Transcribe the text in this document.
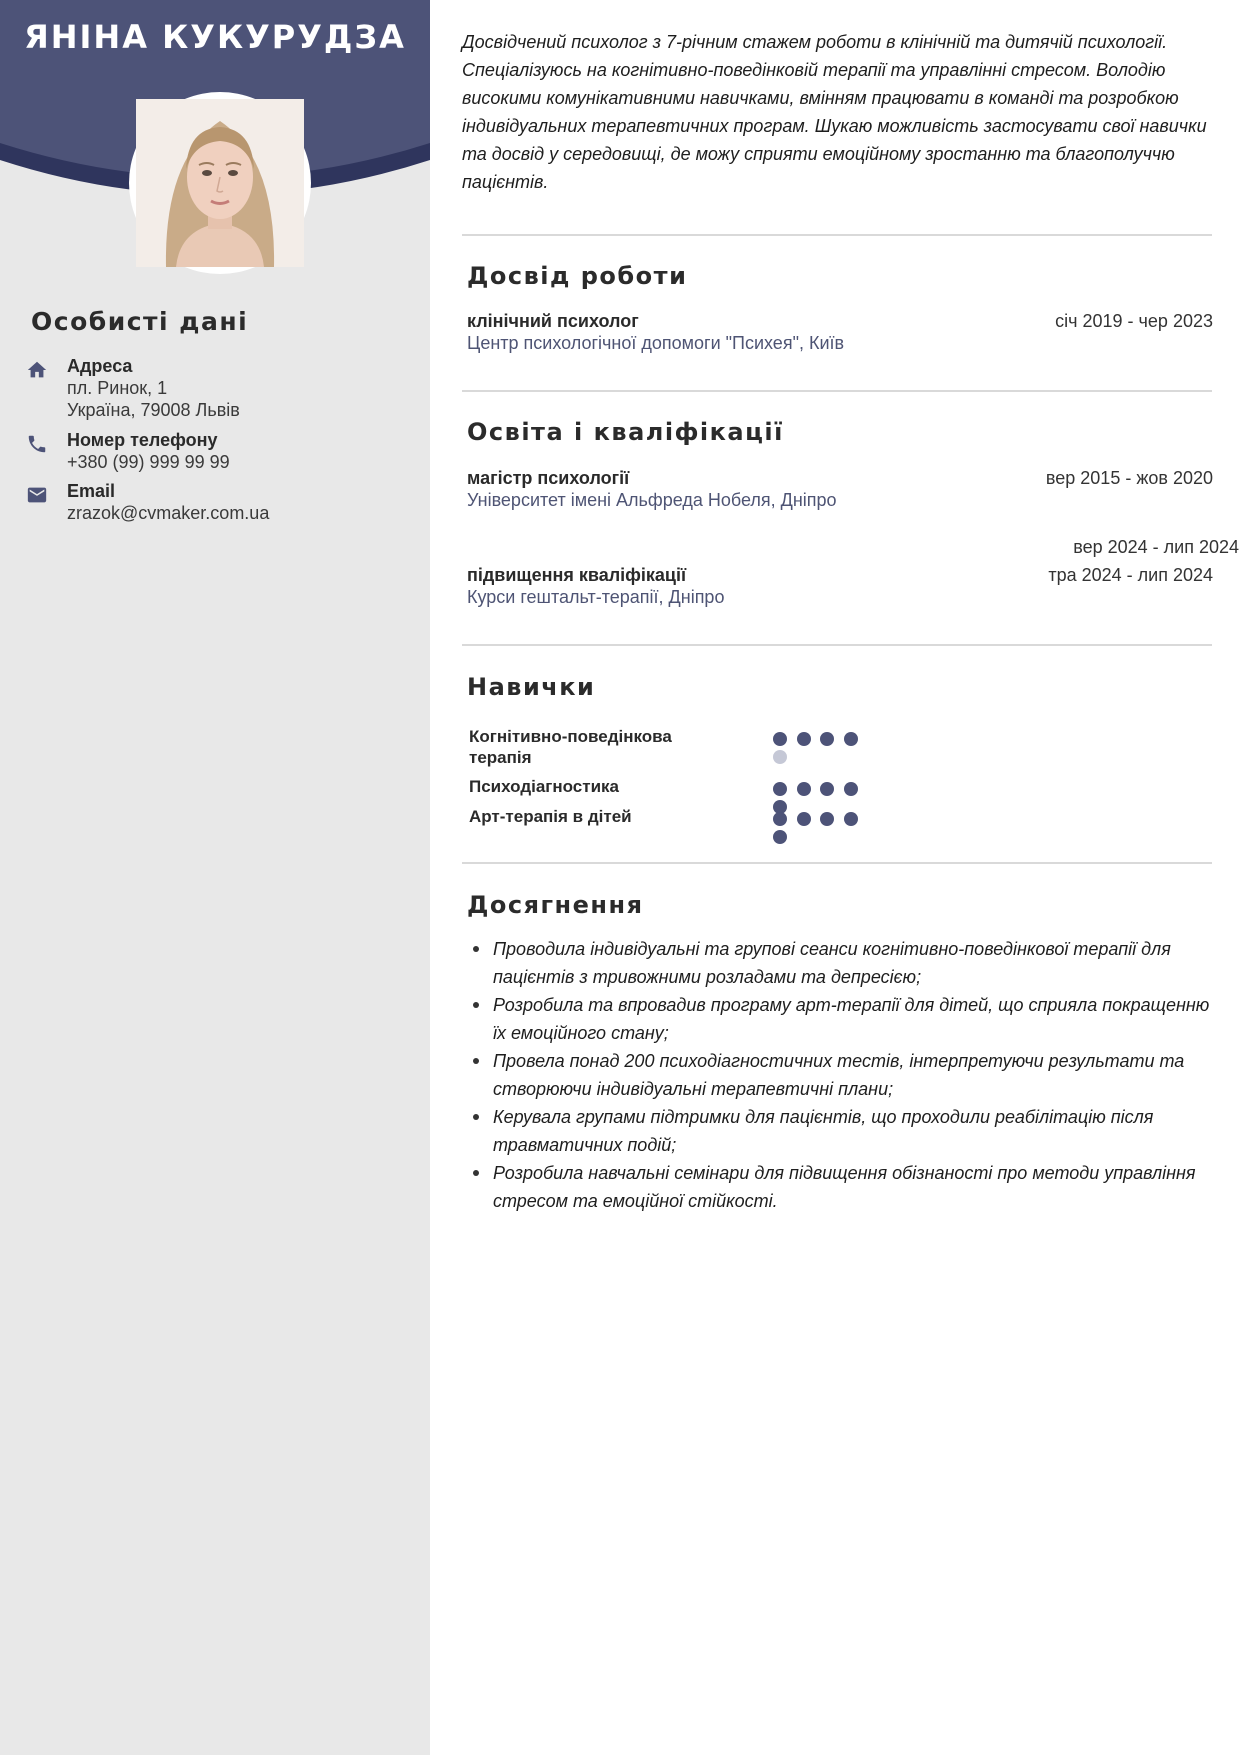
ЯНІНА КУКУРУДЗА
Особисті дані
Адреса
пл. Ринок, 1
Україна, 79008 Львів
Номер телефону
+380 (99) 999 99 99
Email
zrazok@cvmaker.com.ua
Досвідчений психолог з 7-річним стажем роботи в клінічній та дитячій психології. Спеціалізуюсь на когнітивно-поведінковій терапії та управлінні стресом. Володію високими комунікативними навичками, вмінням працювати в команді та розробкою індивідуальних терапевтичних програм. Шукаю можливість застосувати свої навички та досвід у середовищі, де можу сприяти емоційному зростанню та благополуччю пацієнтів.
Досвід роботи
клінічний психолог
Центр психологічної допомоги "Психея", Київ
січ 2019 - чер 2023
Освіта і кваліфікації
магістр психології
Університет імені Альфреда Нобеля, Дніпро
вер 2015 - жов 2020
вер 2024 - лип 2024
підвищення кваліфікації
Курси гештальт-терапії, Дніпро
тра 2024 - лип 2024
Навички
Когнітивно-поведінкова терапія
Психодіагностика
Арт-терапія в дітей
Досягнення
Проводила індивідуальні та групові сеанси когнітивно-поведінкової терапії для пацієнтів з тривожними розладами та депресією;
Розробила та впровадив програму арт-терапії для дітей, що сприяла покращенню їх емоційного стану;
Провела понад 200 психодіагностичних тестів, інтерпретуючи результати та створюючи індивідуальні терапевтичні плани;
Керувала групами підтримки для пацієнтів, що проходили реабілітацію після травматичних подій;
Розробила навчальні семінари для підвищення обізнаності про методи управління стресом та емоційної стійкості.
